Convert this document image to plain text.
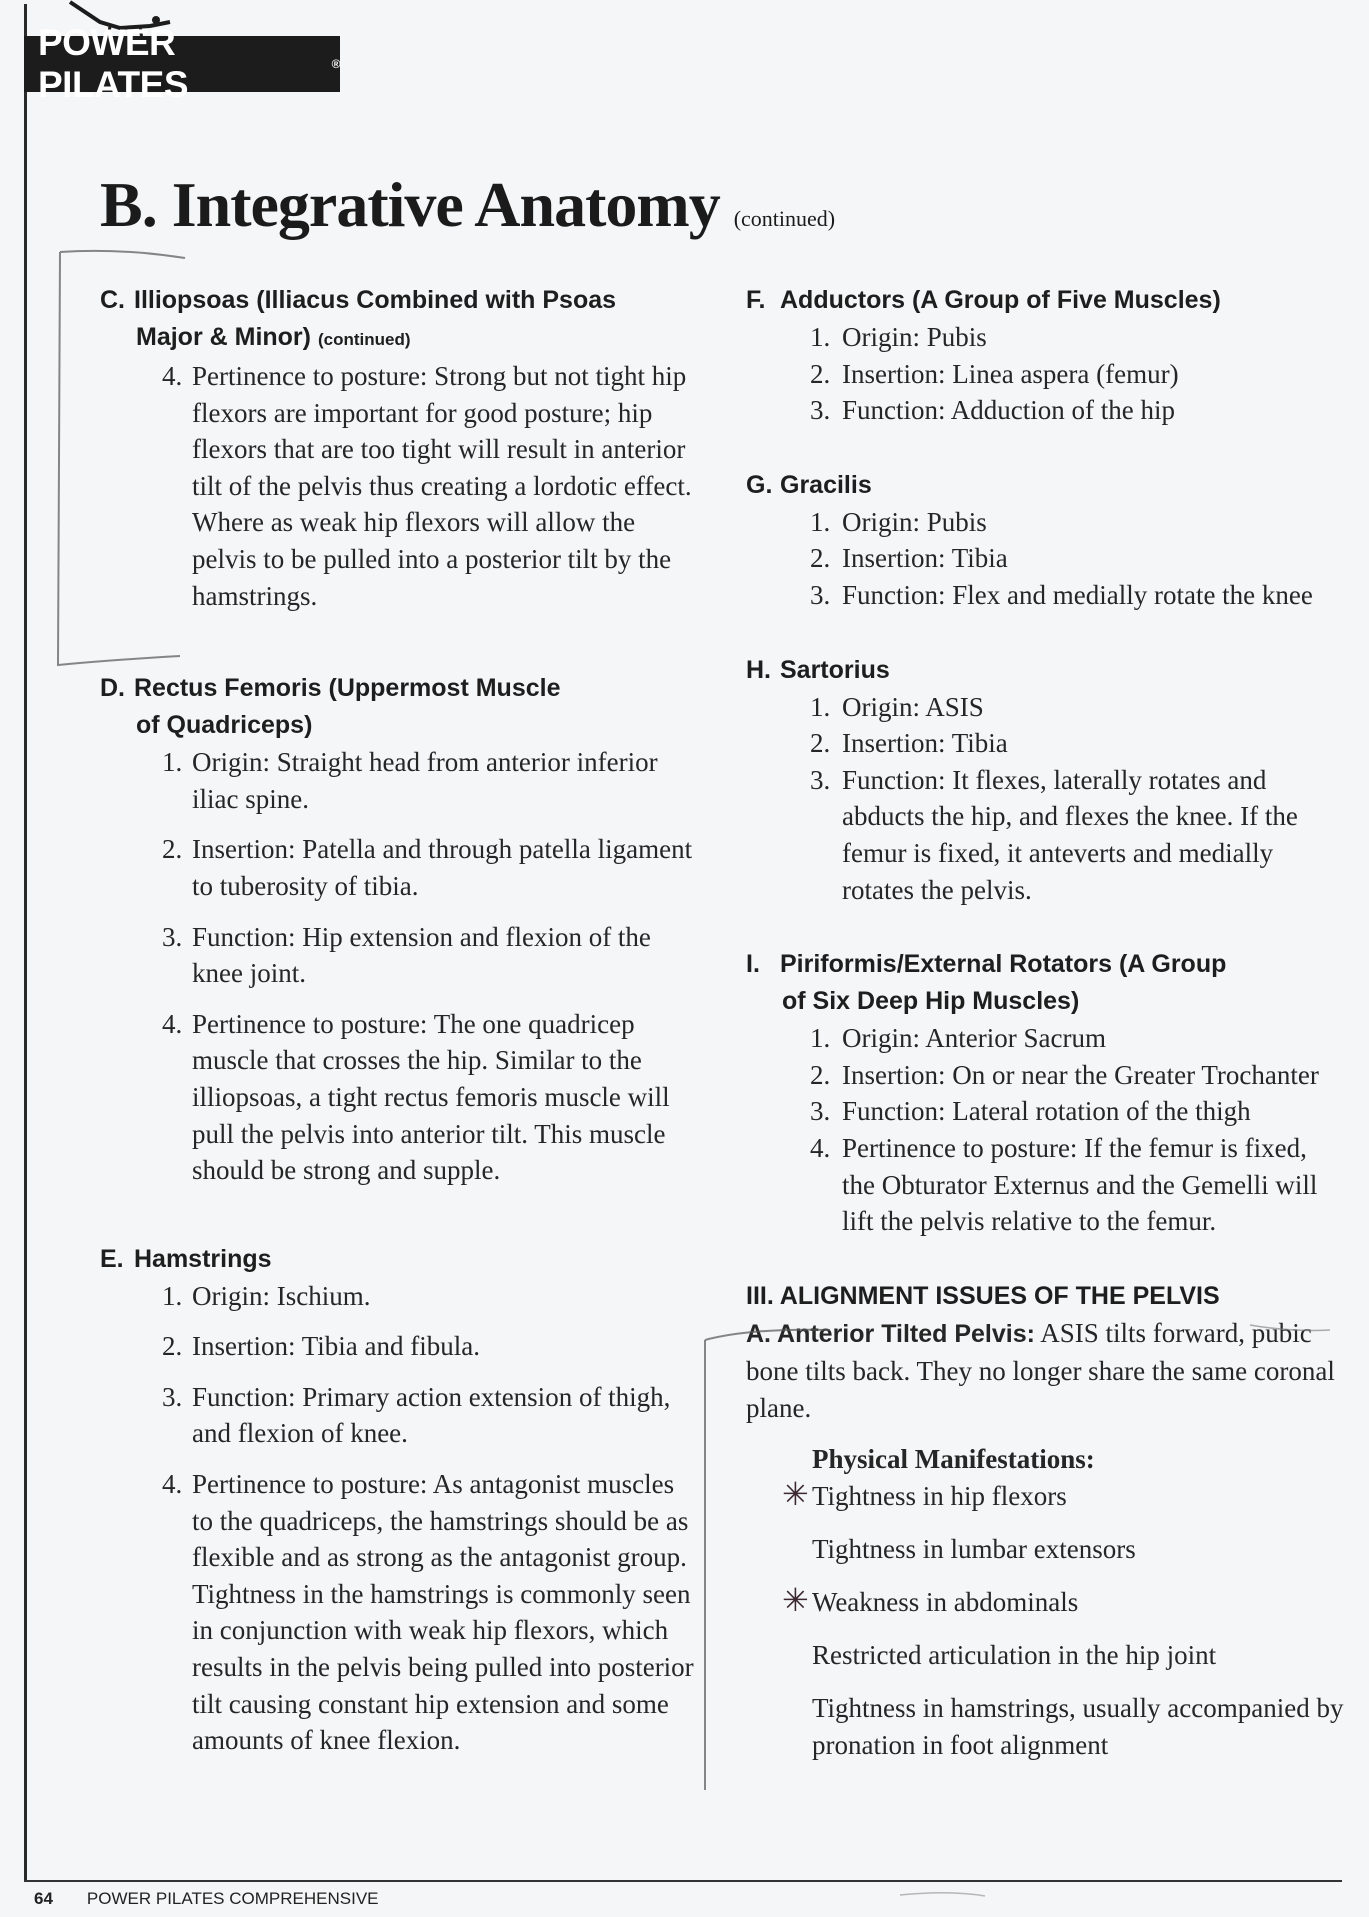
POWER PILATES	®
B. Integrative Anatomy (continued)
C. Illiopsoas (Illiacus Combined with Psoas
Major & Minor) (continued)
4. Pertinence to posture: Strong but not tight hip flexors are important for good posture; hip flexors that are too tight will result in anterior tilt of the pelvis thus creating a lordotic effect. Where as weak hip flexors will allow the pelvis to be pulled into a posterior tilt by the hamstrings.
D. Rectus Femoris (Uppermost Muscle
of Quadriceps)
1. Origin: Straight head from anterior inferior iliac spine.
2. Insertion: Patella and through patella ligament to tuberosity of tibia.
3. Function: Hip extension and flexion of the knee joint.
4. Pertinence to posture: The one quadricep muscle that crosses the hip. Similar to the illiopsoas, a tight rectus femoris muscle will pull the pelvis into anterior tilt. This muscle should be strong and supple.
E. Hamstrings
1. Origin: Ischium.
2. Insertion: Tibia and fibula.
3. Function: Primary action extension of thigh, and flexion of knee.
4. Pertinence to posture: As antagonist muscles to the quadriceps, the hamstrings should be as flexible and as strong as the antagonist group. Tightness in the hamstrings is commonly seen in conjunction with weak hip flexors, which results in the pelvis being pulled into posterior tilt causing constant hip extension and some amounts of knee flexion.
F. Adductors (A Group of Five Muscles)
1. Origin: Pubis
2. Insertion: Linea aspera (femur)
3. Function: Adduction of the hip
G. Gracilis
1. Origin: Pubis
2. Insertion: Tibia
3. Function: Flex and medially rotate the knee
H. Sartorius
1. Origin: ASIS
2. Insertion: Tibia
3. Function: It flexes, laterally rotates and abducts the hip, and flexes the knee. If the femur is fixed, it anteverts and medially rotates the pelvis.
I. Piriformis/External Rotators (A Group
of Six Deep Hip Muscles)
1. Origin: Anterior Sacrum
2. Insertion: On or near the Greater Trochanter
3. Function: Lateral rotation of the thigh
4. Pertinence to posture: If the femur is fixed, the Obturator Externus and the Gemelli will lift the pelvis relative to the femur.
III. ALIGNMENT ISSUES OF THE PELVIS
A. Anterior Tilted Pelvis: ASIS tilts forward, pubic bone tilts back. They no longer share the same coronal plane.
Physical Manifestations:
✳ Tightness in hip flexors
Tightness in lumbar extensors
✳ Weakness in abdominals
Restricted articulation in the hip joint
Tightness in hamstrings, usually accompanied by pronation in foot alignment
64 POWER PILATES COMPREHENSIVE
